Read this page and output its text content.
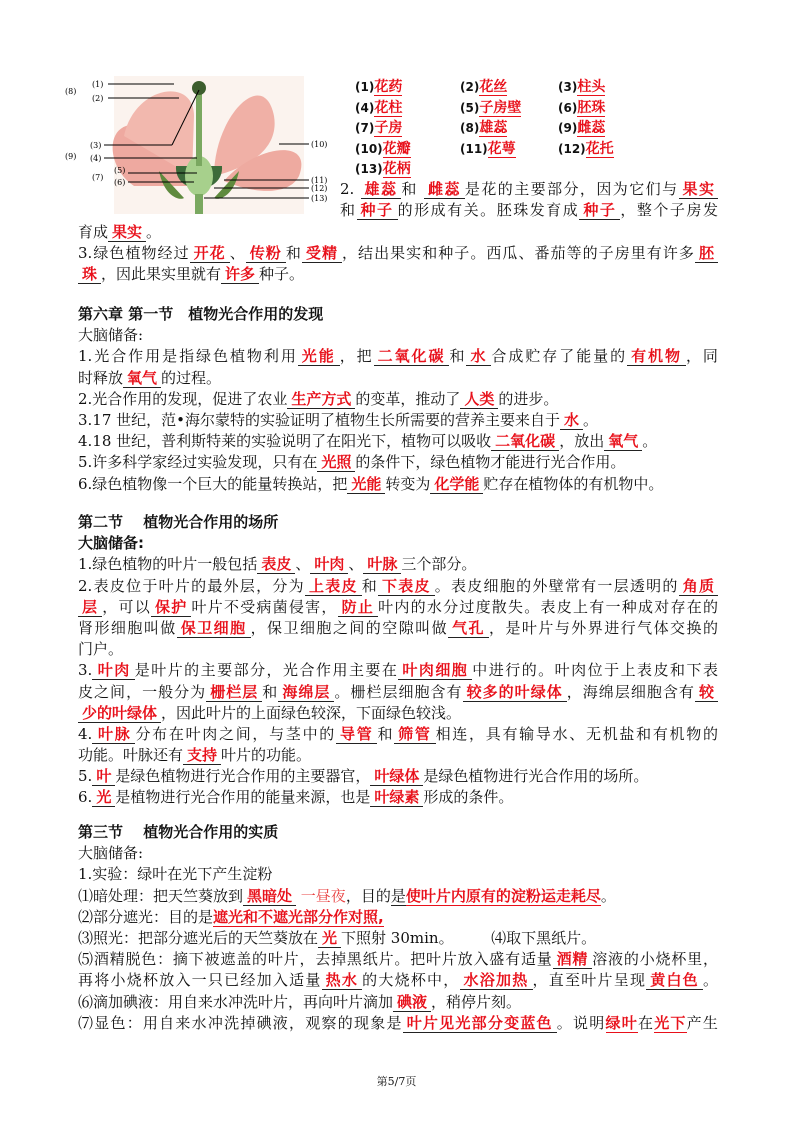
(1)
(2)
(3)
(4)
(5)
(6)
(7)
(8)
(9)
(10)
(11)
(12)
(13)
(1)花药	(2)花丝	(3)柱头
(4)花柱	(5)子房壁	(6)胚珠
(7)子房	(8)雄蕊	(9)雌蕊
(10)花瓣	(11)花萼	(12)花托
(13)花柄
2. 雄蕊 和 雌蕊 是花的主要部分，因为它们与 果实
和 种子 的形成有关。胚珠发育成 种子 ，整个子房发
育成 果实 。
3.绿色植物经过 开花 、 传粉 和 受精 ，结出果实和种子。西瓜、番茄等的子房里有许多 胚
珠 ，因此果实里就有 许多 种子。
第六章 第一节　植物光合作用的发现
大脑储备:
1.光合作用是指绿色植物利用 光能 ，把 二氧化碳 和 水 合成贮存了能量的 有机物 ，同
时释放 氧气 的过程。
2.光合作用的发现，促进了农业 生产方式 的变革，推动了 人类 的进步。
3.17 世纪，范•海尔蒙特的实验证明了植物生长所需要的营养主要来自于 水 。
4.18 世纪，普利斯特莱的实验说明了在阳光下，植物可以吸收 二氧化碳 ，放出 氧气 。
5.许多科学家经过实验发现，只有在 光照 的条件下，绿色植物才能进行光合作用。
6.绿色植物像一个巨大的能量转换站，把 光能 转变为 化学能 贮存在植物体的有机物中。
第二节　 植物光合作用的场所
大脑储备:
1.绿色植物的叶片一般包括 表皮 、 叶肉 、 叶脉 三个部分。
2.表皮位于叶片的最外层，分为 上表皮 和 下表皮 。表皮细胞的外壁常有一层透明的 角质
层 ，可以 保护 叶片不受病菌侵害， 防止 叶内的水分过度散失。表皮上有一种成对存在的
肾形细胞叫做 保卫细胞 ，保卫细胞之间的空隙叫做 气孔 ，是叶片与外界进行气体交换的
门户。
3. 叶肉 是叶片的主要部分，光合作用主要在 叶肉细胞 中进行的。叶肉位于上表皮和下表
皮之间，一般分为 栅栏层 和 海绵层 。栅栏层细胞含有 较多的叶绿体 ，海绵层细胞含有 较
少的叶绿体 ，因此叶片的上面绿色较深，下面绿色较浅。
4. 叶脉 分布在叶肉之间，与茎中的 导管 和 筛管 相连，具有输导水、无机盐和有机物的
功能。叶脉还有 支持 叶片的功能。
5. 叶 是绿色植物进行光合作用的主要器官， 叶绿体 是绿色植物进行光合作用的场所。
6. 光 是植物进行光合作用的能量来源，也是 叶绿素 形成的条件。
第三节　 植物光合作用的实质
大脑储备:
1.实验：绿叶在光下产生淀粉
⑴暗处理：把天竺葵放到 黑暗处 一昼夜，目的是使叶片内原有的淀粉运走耗尽。
⑵部分遮光：目的是遮光和不遮光部分作对照,
⑶照光：把部分遮光后的天竺葵放在 光 下照射 30min。　　　⑷取下黑纸片。
⑸酒精脱色：摘下被遮盖的叶片，去掉黑纸片。把叶片放入盛有适量 酒精 溶液的小烧杯里，
再将小烧杯放入一只已经加入适量 热水 的大烧杯中， 水浴加热 ，直至叶片呈现 黄白色 。
⑹滴加碘液：用自来水冲洗叶片，再向叶片滴加 碘液 ，稍停片刻。
⑺显色：用自来水冲洗掉碘液，观察的现象是 叶片见光部分变蓝色 。说明绿叶在光下产生
第5/7页
